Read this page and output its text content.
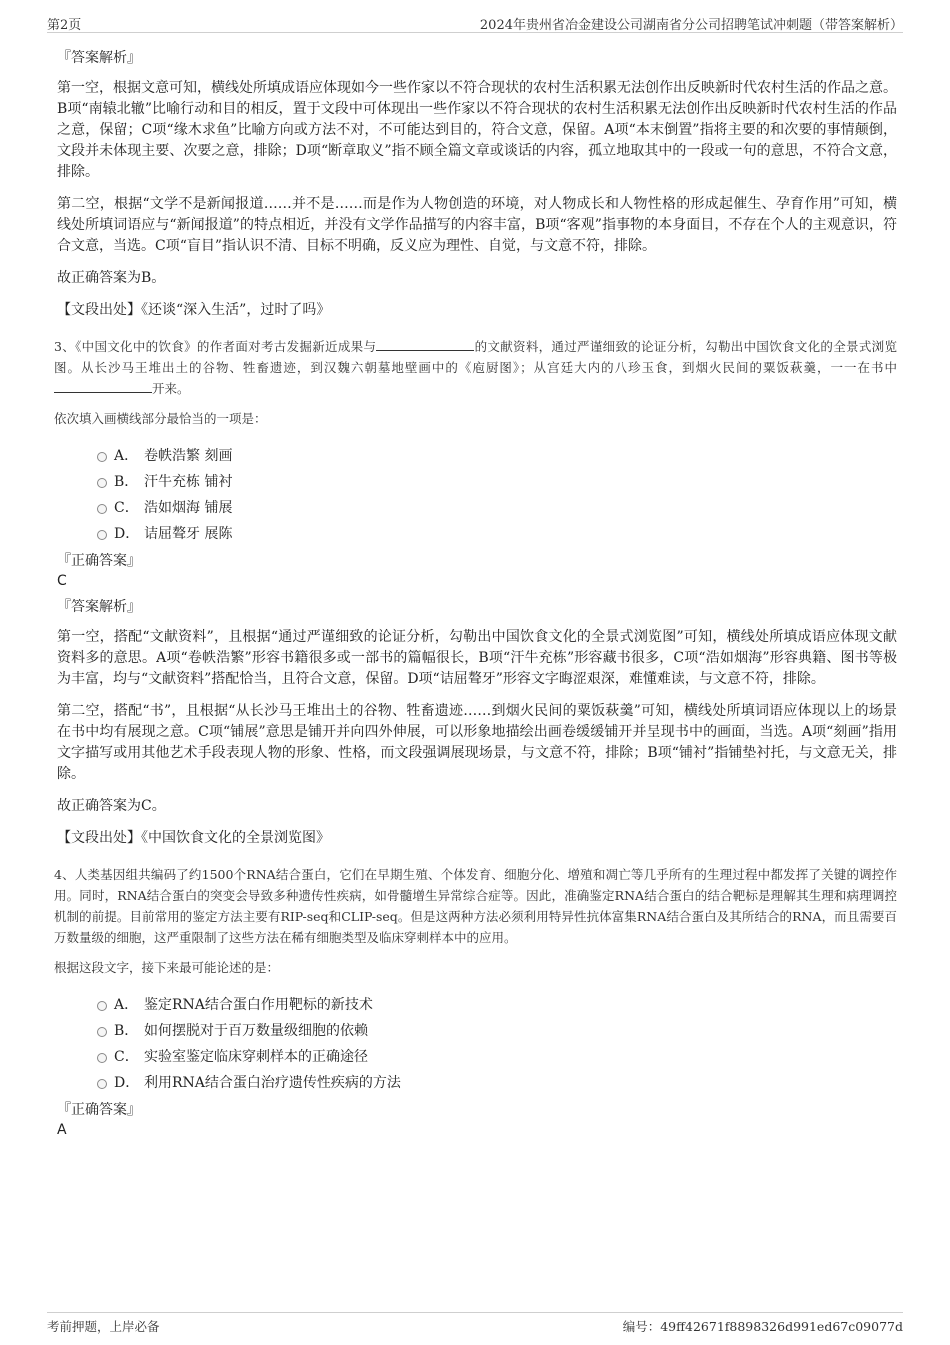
第2页	2024年贵州省冶金建设公司湖南省分公司招聘笔试冲刺题（带答案解析）
『答案解析』

第一空，根据文意可知，横线处所填成语应体现如今一些作家以不符合现状的农村生活积累无法创作出反映新时代农村生活的作品之意。B项“南辕北辙”比喻行动和目的相反，置于文段中可体现出一些作家以不符合现状的农村生活积累无法创作出反映新时代农村生活的作品之意，保留；C项“缘木求鱼”比喻方向或方法不对，不可能达到目的，符合文意，保留。A项“本末倒置”指将主要的和次要的事情颠倒，文段并未体现主要、次要之意，排除；D项“断章取义”指不顾全篇文章或谈话的内容，孤立地取其中的一段或一句的意思，不符合文意，排除。

第二空，根据“文学不是新闻报道……并不是……而是作为人物创造的环境，对人物成长和人物性格的形成起催生、孕育作用”可知，横线处所填词语应与“新闻报道”的特点相近，并没有文学作品描写的内容丰富，B项“客观”指事物的本身面目，不存在个人的主观意识，符合文意，当选。C项“盲目”指认识不清、目标不明确，反义应为理性、自觉，与文意不符，排除。

故正确答案为B。

【文段出处】《还谈“深入生活”，过时了吗》

3、《中国文化中的饮食》的作者面对考古发掘新近成果与	的文献资料，通过严谨细致的论证分析，勾勒出中国饮食文化的全景式浏览图。从长沙马王堆出土的谷物、牲畜遗迹，到汉魏六朝墓地壁画中的《庖厨图》；从宫廷大内的八珍玉食，到烟火民间的粟饭萩羹，一一在书中开来。

依次填入画横线部分最恰当的一项是：

A． 卷帙浩繁 刻画
B． 汗牛充栋 铺衬
C． 浩如烟海 铺展
D． 诘屈聱牙 展陈

『正确答案』

C

『答案解析』

第一空，搭配“文献资料”，且根据“通过严谨细致的论证分析，勾勒出中国饮食文化的全景式浏览图”可知，横线处所填成语应体现文献资料多的意思。A项“卷帙浩繁”形容书籍很多或一部书的篇幅很长，B项“汗牛充栋”形容藏书很多，C项“浩如烟海”形容典籍、图书等极为丰富，均与“文献资料”搭配恰当，且符合文意，保留。D项“诘屈聱牙”形容文字晦涩艰深，难懂难读，与文意不符，排除。

第二空，搭配“书”，且根据“从长沙马王堆出土的谷物、牲畜遗迹……到烟火民间的粟饭萩羹”可知，横线处所填词语应体现以上的场景在书中均有展现之意。C项“铺展”意思是铺开并向四外伸展，可以形象地描绘出画卷缓缓铺开并呈现书中的画面，当选。A项“刻画”指用文字描写或用其他艺术手段表现人物的形象、性格，而文段强调展现场景，与文意不符，排除；B项“铺衬”指铺垫衬托，与文意无关，排除。

故正确答案为C。

【文段出处】《中国饮食文化的全景浏览图》

4、人类基因组共编码了约1500个RNA结合蛋白，它们在早期生殖、个体发育、细胞分化、增殖和凋亡等几乎所有的生理过程中都发挥了关键的调控作用。同时，RNA结合蛋白的突变会导致多种遗传性疾病，如骨髓增生异常综合症等。因此，准确鉴定RNA结合蛋白的结合靶标是理解其生理和病理调控机制的前提。目前常用的鉴定方法主要有RIP-seq和CLIP-seq。但是这两种方法必须利用特异性抗体富集RNA结合蛋白及其所结合的RNA，而且需要百万数量级的细胞，这严重限制了这些方法在稀有细胞类型及临床穿刺样本中的应用。

根据这段文字，接下来最可能论述的是：

A． 鉴定RNA结合蛋白作用靶标的新技术
B． 如何摆脱对于百万数量级细胞的依赖
C． 实验室鉴定临床穿刺样本的正确途径
D． 利用RNA结合蛋白治疗遗传性疾病的方法

『正确答案』

A

考前押题，上岸必备	编号：49ff42671f8898326d991ed67c09077d
